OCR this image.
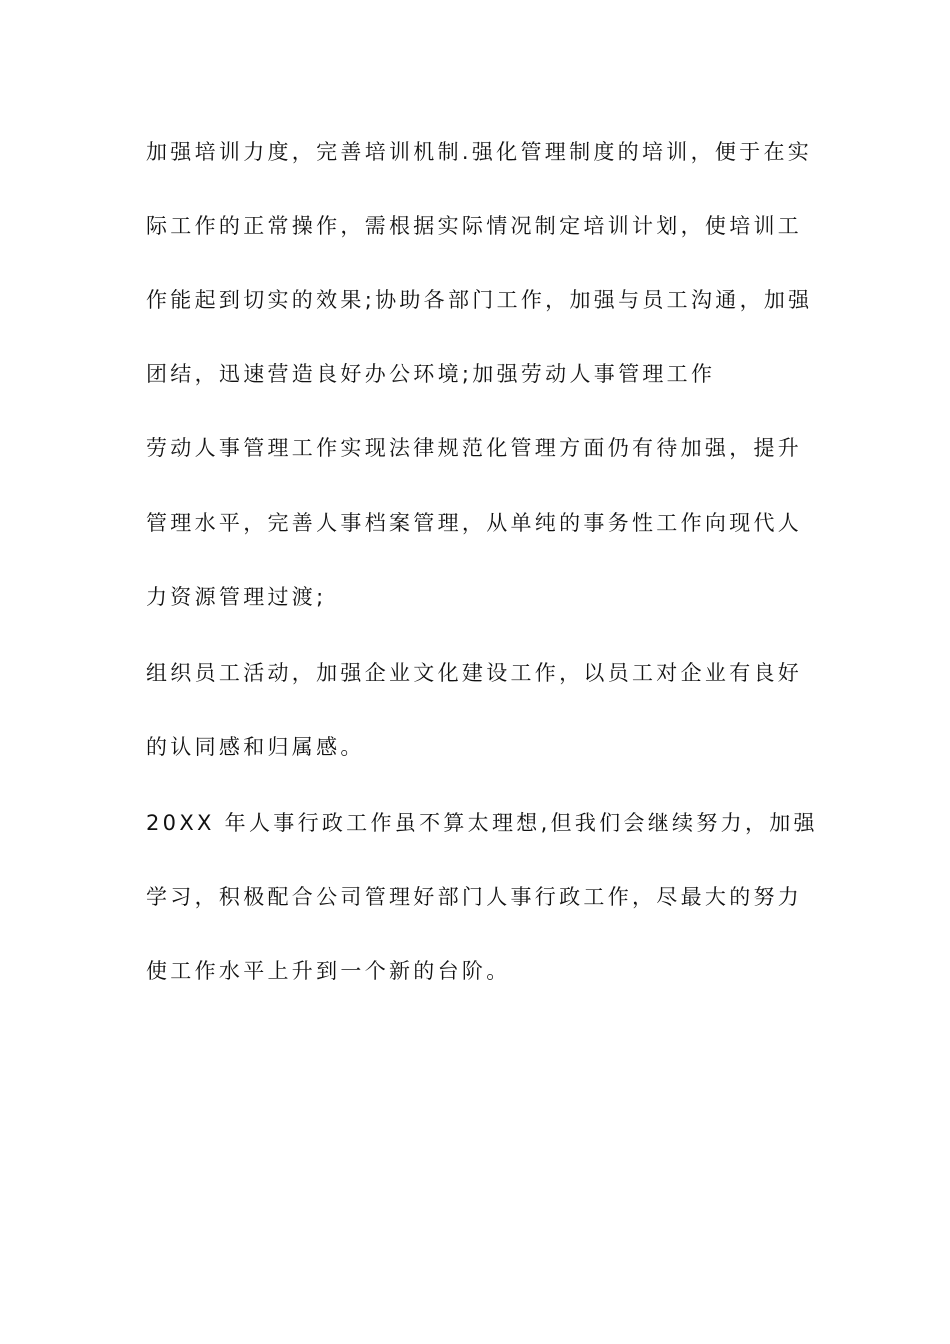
加强培训力度，完善培训机制.强化管理制度的培训，便于在实
际工作的正常操作，需根据实际情况制定培训计划，使培训工
作能起到切实的效果;协助各部门工作，加强与员工沟通，加强
团结，迅速营造良好办公环境;加强劳动人事管理工作
劳动人事管理工作实现法律规范化管理方面仍有待加强，提升
管理水平，完善人事档案管理，从单纯的事务性工作向现代人
力资源管理过渡;
组织员工活动，加强企业文化建设工作，以员工对企业有良好
的认同感和归属感。
20XX 年人事行政工作虽不算太理想,但我们会继续努力，加强
学习，积极配合公司管理好部门人事行政工作，尽最大的努力
使工作水平上升到一个新的台阶。
